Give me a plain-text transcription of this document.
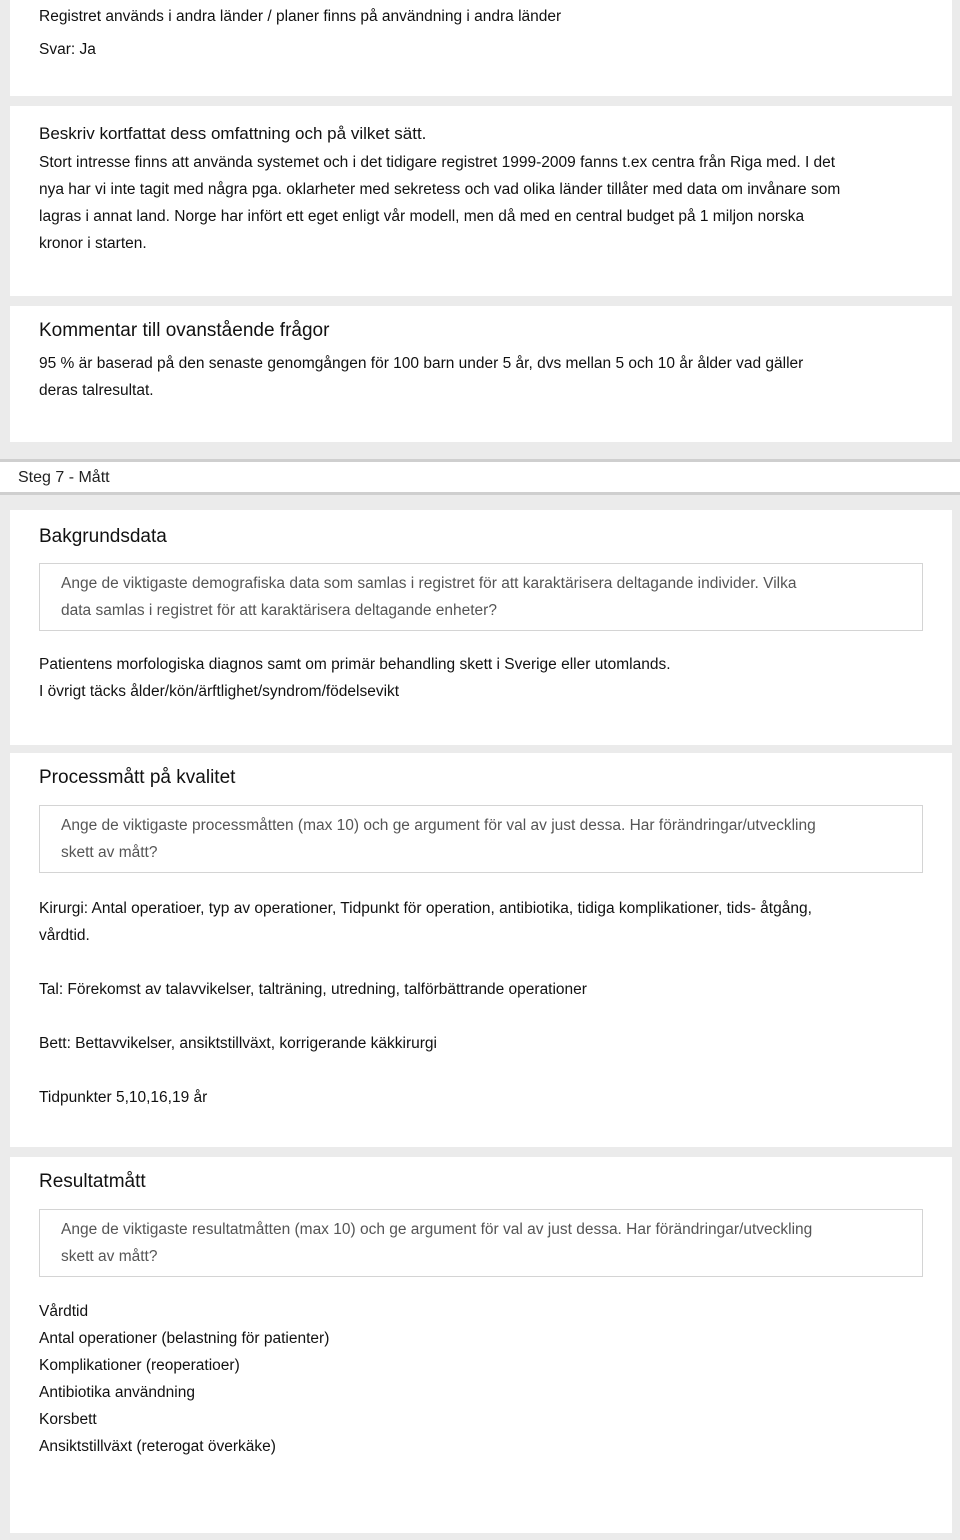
Registret används i andra länder / planer finns på användning i andra länder
Svar: Ja
Beskriv kortfattat dess omfattning och på vilket sätt.
Stort intresse finns att använda systemet och i det tidigare registret 1999-2009 fanns t.ex centra från Riga med. I det
nya har vi inte tagit med några pga. oklarheter med sekretess och vad olika länder tillåter med data om invånare som
lagras i annat land. Norge har infört ett eget enligt vår modell, men då med en central budget på 1 miljon norska
kronor i starten.
Kommentar till ovanstående frågor
95 % är baserad på den senaste genomgången för 100 barn under 5 år, dvs mellan 5 och 10 år ålder vad gäller
deras talresultat.
Steg 7 - Mått
Bakgrundsdata
Ange de viktigaste demografiska data som samlas i registret för att karaktärisera deltagande individer. Vilka
data samlas i registret för att karaktärisera deltagande enheter?
Patientens morfologiska diagnos samt om primär behandling skett i Sverige eller utomlands.
I övrigt täcks ålder/kön/ärftlighet/syndrom/födelsevikt
Processmått på kvalitet
Ange de viktigaste processmåtten (max 10) och ge argument för val av just dessa. Har förändringar/utveckling
skett av mått?
Kirurgi: Antal operatioer, typ av operationer, Tidpunkt för operation, antibiotika, tidiga komplikationer, tids- åtgång,
vårdtid.
Tal: Förekomst av talavvikelser, talträning, utredning, talförbättrande operationer
Bett: Bettavvikelser, ansiktstillväxt, korrigerande käkkirurgi
Tidpunkter 5,10,16,19 år
Resultatmått
Ange de viktigaste resultatmåtten (max 10) och ge argument för val av just dessa. Har förändringar/utveckling
skett av mått?
Vårdtid
Antal operationer (belastning för patienter)
Komplikationer (reoperatioer)
Antibiotika användning
Korsbett
Ansiktstillväxt (reterogat överkäke)
